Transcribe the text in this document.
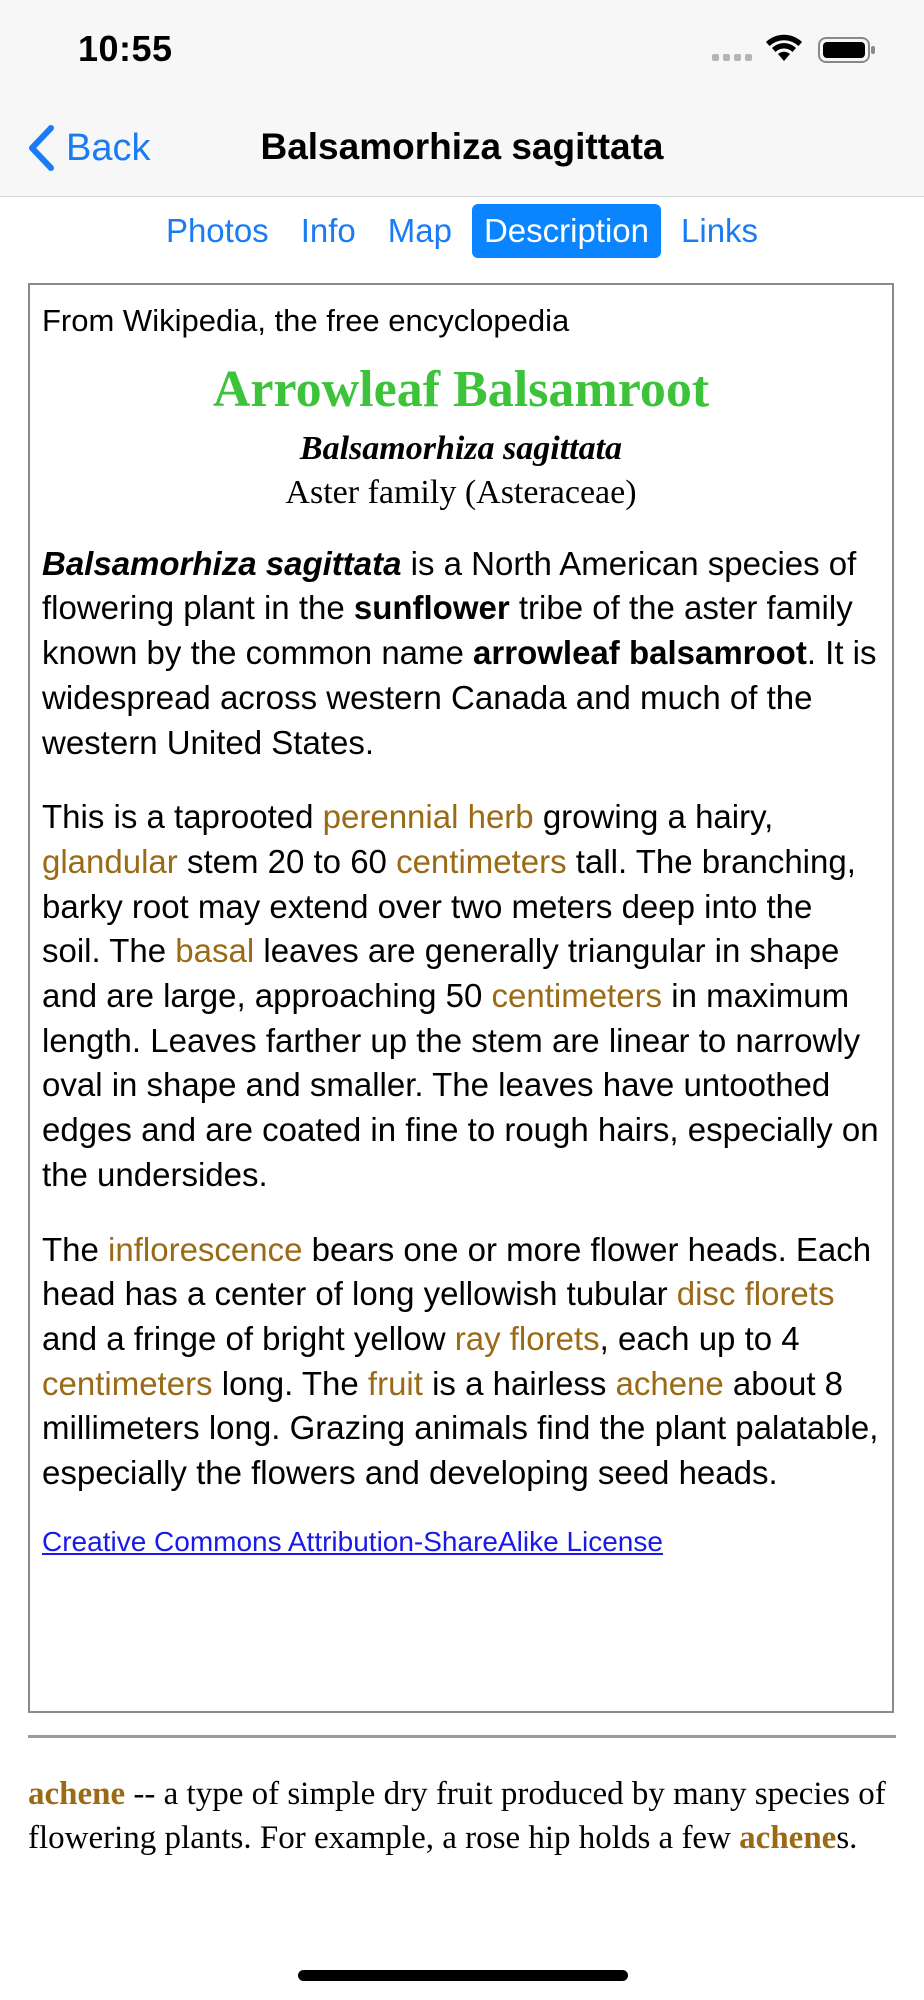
10:55
Back	Balsamorhiza sagittata
Photos Info Map Description Links
From Wikipedia, the free encyclopedia
Arrowleaf Balsamroot
Balsamorhiza sagittata
Aster family (Asteraceae)

Balsamorhiza sagittata is a North American species of flowering plant in the sunflower tribe of the aster family known by the common name arrowleaf balsamroot. It is widespread across western Canada and much of the western United States.

This is a taprooted perennial herb growing a hairy, glandular stem 20 to 60 centimeters tall. The branching, barky root may extend over two meters deep into the soil. The basal leaves are generally triangular in shape and are large, approaching 50 centimeters in maximum length. Leaves farther up the stem are linear to narrowly oval in shape and smaller. The leaves have untoothed edges and are coated in fine to rough hairs, especially on the undersides.

The inflorescence bears one or more flower heads. Each head has a center of long yellowish tubular disc florets and a fringe of bright yellow ray florets, each up to 4 centimeters long. The fruit is a hairless achene about 8 millimeters long. Grazing animals find the plant palatable, especially the flowers and developing seed heads.

Creative Commons Attribution-ShareAlike License
achene -- a type of simple dry fruit produced by many species of flowering plants. For example, a rose hip holds a few achenes.
